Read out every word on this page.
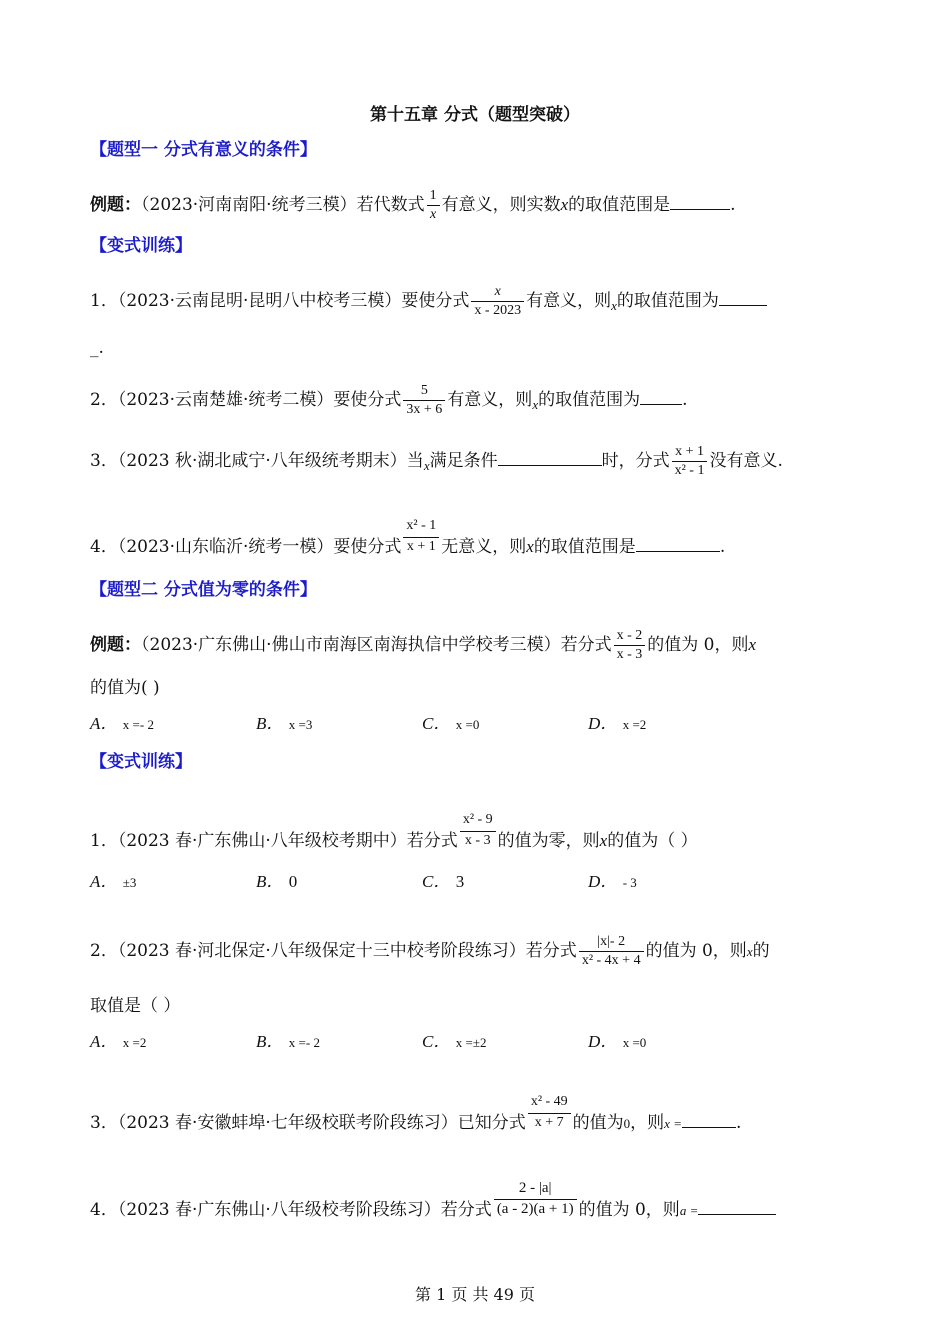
第十五章 分式（题型突破）
【题型一 分式有意义的条件】
例题：（2023·河南南阳·统考三模）若代数式 $\frac{1}{x}$ 有意义，则实数x的取值范围是	.
【变式训练】
1．（2023·云南昆明·昆明八中校考三模）要使分式 $\frac{x}{x - 2023}$ 有意义，则$_x$的取值范围为
_.
2．（2023·云南楚雄·统考二模）要使分式 $\frac{5}{3x + 6}$ 有意义，则$_x$的取值范围为 .
3．（2023 秋·湖北咸宁·八年级统考期末）当$_x$满足条件	时，分式 $\frac{x + 1}{\text{x² - 1}}$ 没有意义.
4．（2023·山东临沂·统考一模）要使分式 $\frac{\text{x² - 1}}{x + 1}$ 无意义，则x的取值范围是	.
【题型二 分式值为零的条件】
例题：（2023·广东佛山·佛山市南海区南海执信中学校考三模）若分式 $\frac{x - 2}{x - 3}$ 的值为 0，则x
的值为( )
A． x =- 2	B． x =3	C． x =0	D． x =2
【变式训练】
1．（2023 春·广东佛山·八年级校考期中）若分式 $\frac{\text{x² - 9}}{x - 3}$ 的值为零，则x的值为（ ）
A． ±3	B． 0	C． 3	D． - 3
2．（2023 春·河北保定·八年级保定十三中校考阶段练习）若分式 $\frac{|x|- 2}{\text{x² - 4x + 4}}$ 的值为 0，则x的
取值是（ ）
A． x =2	B． x =- 2	C． x =±2	D． x =0
3．（2023 春·安徽蚌埠·七年级校联考阶段练习）已知分式 $\frac{\text{x² - 49}}{x + 7}$ 的值为0，则x =	.
4．（2023 春·广东佛山·八年级校考阶段练习）若分式 $\frac{2 - |a|}{(a - 2)(a + 1)}$ 的值为 0，则a =
第 1 页 共 49 页
